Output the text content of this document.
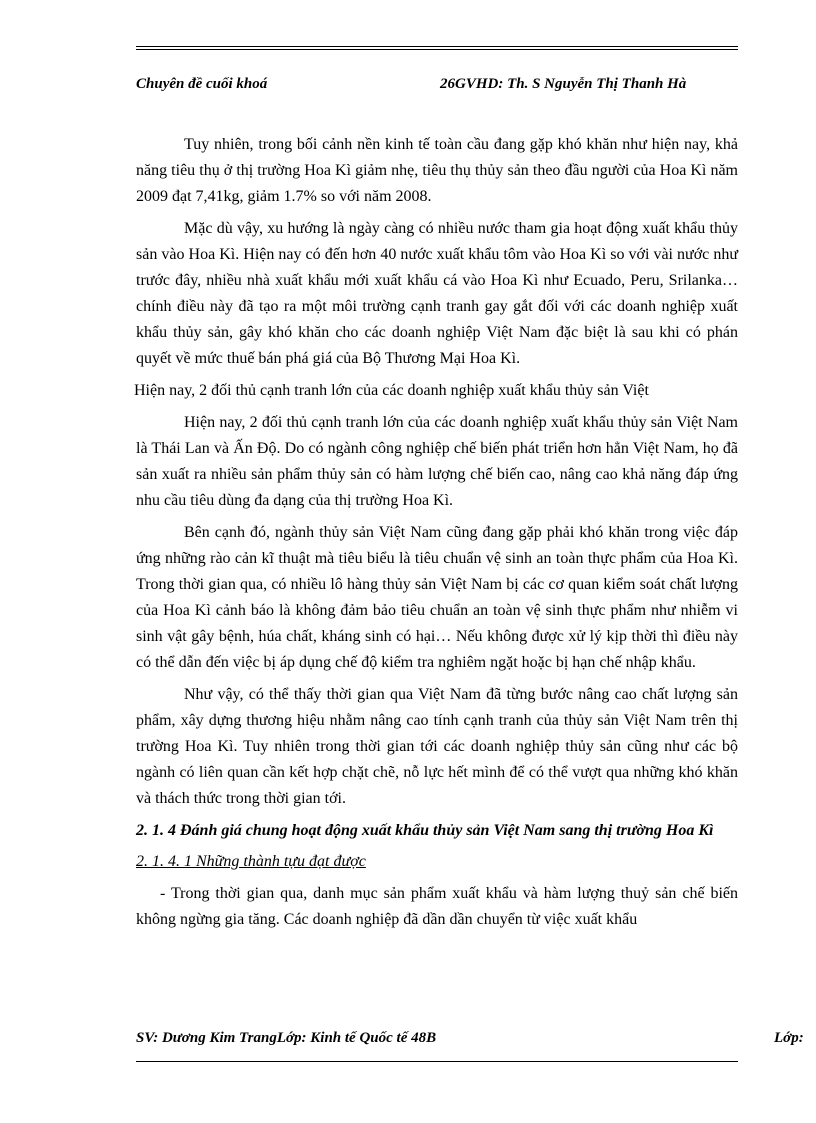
Chuyên đề cuối khoá	26GVHD: Th. S Nguyễn Thị Thanh Hà

Tuy nhiên, trong bối cảnh nền kinh tế toàn cầu đang gặp khó khăn như hiện nay, khả năng tiêu thụ ở thị trường Hoa Kì giảm nhẹ, tiêu thụ thủy sản theo đầu người của Hoa Kì năm 2009 đạt 7,41kg, giảm 1.7% so với năm 2008.

Mặc dù vậy, xu hướng là ngày càng có nhiều nước tham gia hoạt động xuất khẩu thủy sản vào Hoa Kì. Hiện nay có đến hơn 40 nước xuất khẩu tôm vào Hoa Kì so với vài nước như trước đây, nhiều nhà xuất khẩu mới xuất khẩu cá vào Hoa Kì như Ecuado, Peru, Srilanka… chính điều này đã tạo ra một môi trường cạnh tranh gay gắt đối với các doanh nghiệp xuất khẩu thủy sản, gây khó khăn cho các doanh nghiệp Việt Nam đặc biệt là sau khi có phán quyết về mức thuế bán phá giá của Bộ Thương Mại Hoa Kì.

Hiện nay, 2 đối thủ cạnh tranh lớn của các doanh nghiệp xuất khẩu thủy sản Việt

Hiện nay, 2 đối thủ cạnh tranh lớn của các doanh nghiệp xuất khẩu thủy sản Việt Nam là Thái Lan và Ấn Độ. Do có ngành công nghiệp chế biến phát triển hơn hẳn Việt Nam, họ đã sản xuất ra nhiều sản phẩm thủy sản có hàm lượng chế biến cao, nâng cao khả năng đáp ứng nhu cầu tiêu dùng đa dạng của thị trường Hoa Kì.

Bên cạnh đó, ngành thủy sản Việt Nam cũng đang gặp phải khó khăn trong việc đáp ứng những rào cản kĩ thuật mà tiêu biểu là tiêu chuẩn vệ sinh an toàn thực phẩm của Hoa Kì. Trong thời gian qua, có nhiều lô hàng thủy sản Việt Nam bị các cơ quan kiểm soát chất lượng của Hoa Kì cảnh báo là không đảm bảo tiêu chuẩn an toàn vệ sinh thực phẩm như nhiễm vi sinh vật gây bệnh, húa chất, kháng sinh có hại… Nếu không được xử lý kịp thời thì điều này có thể dẫn đến việc bị áp dụng chế độ kiểm tra nghiêm ngặt hoặc bị hạn chế nhập khẩu.

Như vậy, có thể thấy thời gian qua Việt Nam đã từng bước nâng cao chất lượng sản phẩm, xây dựng thương hiệu nhằm nâng cao tính cạnh tranh của thủy sản Việt Nam trên thị trường Hoa Kì. Tuy nhiên trong thời gian tới các doanh nghiệp thủy sản cũng như các bộ ngành có liên quan cần kết hợp chặt chẽ, nỗ lực hết mình để có thể vượt qua những khó khăn và thách thức trong thời gian tới.

2. 1. 4 Đánh giá chung hoạt động xuất khẩu thủy sản Việt Nam sang thị trường Hoa Kì

2. 1. 4. 1 Những thành tựu đạt được

- Trong thời gian qua, danh mục sản phẩm xuất khẩu và hàm lượng thuỷ sản chế biến không ngừng gia tăng. Các doanh nghiệp đã dần dần chuyển từ việc xuất khẩu

SV: Dương Kim TrangLớp: Kinh tế Quốc tế 48B	Lớp:
